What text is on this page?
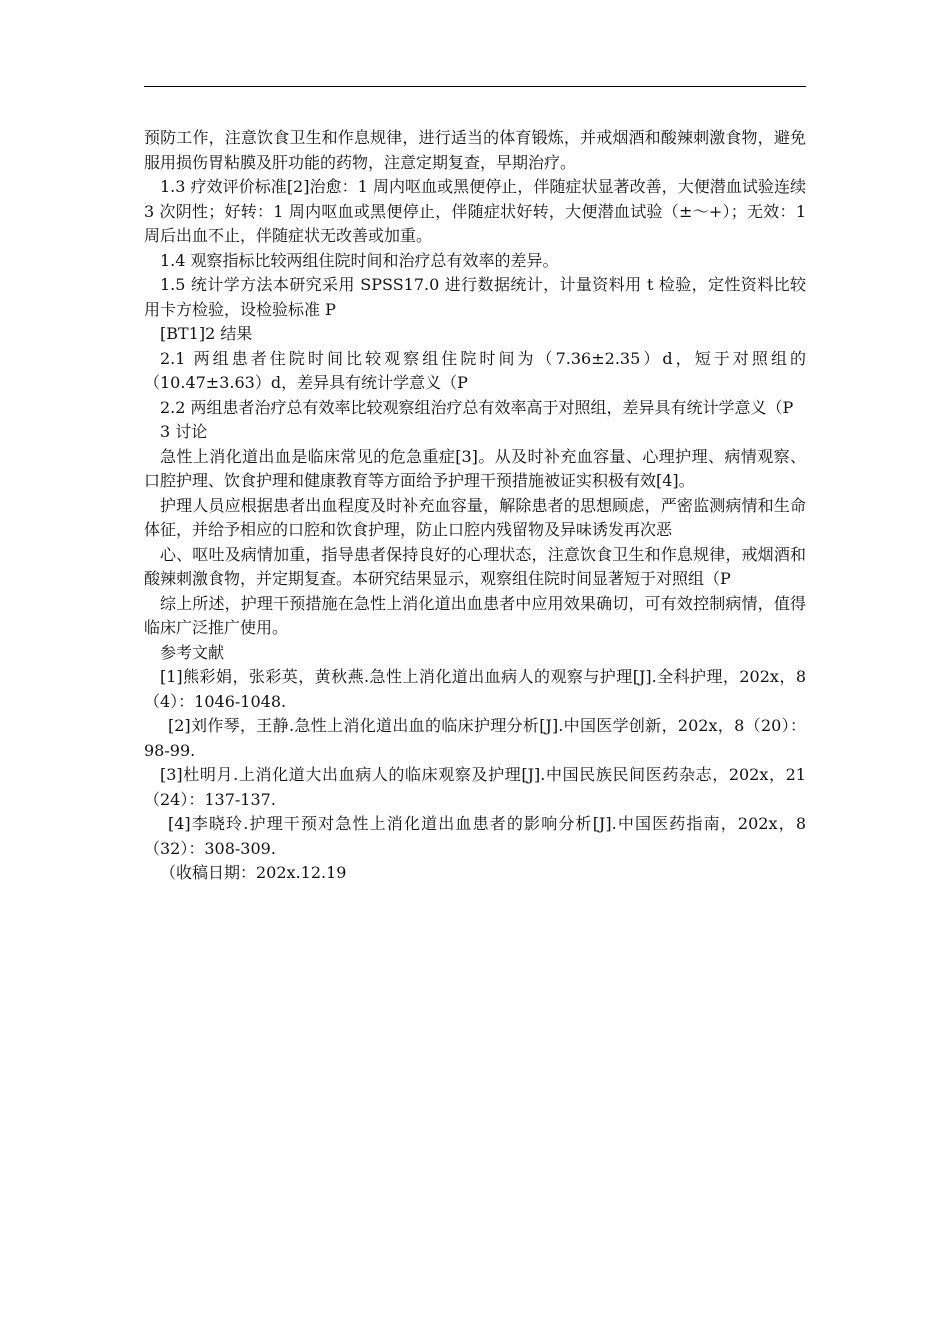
预防工作，注意饮食卫生和作息规律，进行适当的体育锻炼，并戒烟酒和酸辣刺激食物，避免服用损伤胃粘膜及肝功能的药物，注意定期复查，早期治疗。

1.3 疗效评价标准[2]治愈：1 周内呕血或黑便停止，伴随症状显著改善，大便潜血试验连续 3 次阴性；好转：1 周内呕血或黑便停止，伴随症状好转，大便潜血试验（±～+）；无效：1 周后出血不止，伴随症状无改善或加重。

1.4 观察指标比较两组住院时间和治疗总有效率的差异。

1.5 统计学方法本研究采用 SPSS17.0 进行数据统计，计量资料用 t 检验，定性资料比较用卡方检验，设检验标准 P

[BT1]2 结果

2.1 两组患者住院时间比较观察组住院时间为（7.36±2.35）d，短于对照组的（10.47±3.63）d，差异具有统计学意义（P

2.2 两组患者治疗总有效率比较观察组治疗总有效率高于对照组，差异具有统计学意义（P

3 讨论

急性上消化道出血是临床常见的危急重症[3]。从及时补充血容量、心理护理、病情观察、口腔护理、饮食护理和健康教育等方面给予护理干预措施被证实积极有效[4]。

护理人员应根据患者出血程度及时补充血容量，解除患者的思想顾虑，严密监测病情和生命体征，并给予相应的口腔和饮食护理，防止口腔内残留物及异味诱发再次恶

心、呕吐及病情加重，指导患者保持良好的心理状态，注意饮食卫生和作息规律，戒烟酒和酸辣刺激食物，并定期复查。本研究结果显示，观察组住院时间显著短于对照组（P

综上所述，护理干预措施在急性上消化道出血患者中应用效果确切，可有效控制病情，值得临床广泛推广使用。

参考文献

[1]熊彩娟，张彩英，黄秋燕.急性上消化道出血病人的观察与护理[J].全科护理，202x，8（4）：1046-1048.

[2]刘作琴，王静.急性上消化道出血的临床护理分析[J].中国医学创新，202x，8（20）：98-99.

[3]杜明月.上消化道大出血病人的临床观察及护理[J].中国民族民间医药杂志，202x，21（24）：137-137.

[4]李晓玲.护理干预对急性上消化道出血患者的影响分析[J].中国医药指南，202x，8（32）：308-309.

（收稿日期：202x.12.19
